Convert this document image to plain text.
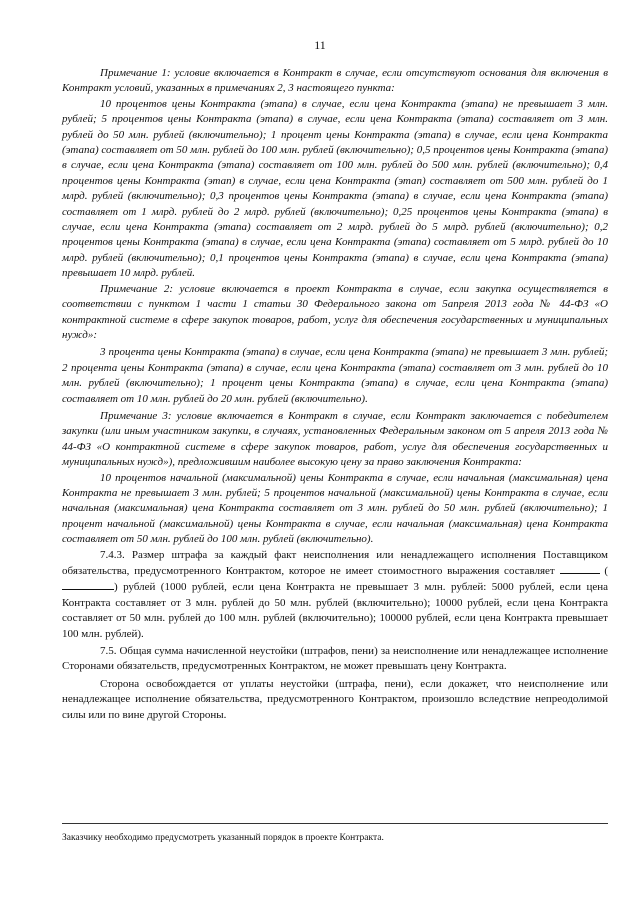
11

Примечание 1: условие включается в Контракт в случае, если отсутствуют основания для включения в Контракт условий, указанных в примечаниях 2, 3 настоящего пункта:

10 процентов цены Контракта (этапа) в случае, если цена Контракта (этапа) не превышает 3 млн. рублей; 5 процентов цены Контракта (этапа) в случае, если цена Контракта (этапа) составляет от 3 млн. рублей до 50 млн. рублей (включительно); 1 процент цены Контракта (этапа) в случае, если цена Контракта (этапа) составляет от 50 млн. рублей до 100 млн. рублей (включительно); 0,5 процентов цены Контракта (этапа) в случае, если цена Контракта (этапа) составляет от 100 млн. рублей до 500 млн. рублей (включительно); 0,4 процентов цены Контракта (этап) в случае, если цена Контракта (этап) составляет от 500 млн. рублей до 1 млрд. рублей (включительно); 0,3 процентов цены Контракта (этапа) в случае, если цена Контракта (этапа) составляет от 1 млрд. рублей до 2 млрд. рублей (включительно); 0,25 процентов цены Контракта (этапа) в случае, если цена Контракта (этапа) составляет от 2 млрд. рублей до 5 млрд. рублей (включительно); 0,2 процентов цены Контракта (этапа) в случае, если цена Контракта (этапа) составляет от 5 млрд. рублей до 10 млрд. рублей (включительно); 0,1 процентов цены Контракта (этапа) в случае, если цена Контракта (этапа) превышает 10 млрд. рублей.

Примечание 2: условие включается в проект Контракта в случае, если закупка осуществляется в соответствии с пунктом 1 части 1 статьи 30 Федерального закона от 5апреля 2013 года № 44-ФЗ «О контрактной системе в сфере закупок товаров, работ, услуг для обеспечения государственных и муниципальных нужд»:

3 процента цены Контракта (этапа) в случае, если цена Контракта (этапа) не превышает 3 млн. рублей; 2 процента цены Контракта (этапа) в случае, если цена Контракта (этапа) составляет от 3 млн. рублей до 10 млн. рублей (включительно); 1 процент цены Контракта (этапа) в случае, если цена Контракта (этапа) составляет от 10 млн. рублей до 20 млн. рублей (включительно).

Примечание 3: условие включается в Контракт в случае, если Контракт заключается с победителем закупки (или иным участником закупки, в случаях, установленных Федеральным законом от 5 апреля 2013 года № 44-ФЗ «О контрактной системе в сфере закупок товаров, работ, услуг для обеспечения государственных и муниципальных нужд»), предложившим наиболее высокую цену за право заключения Контракта:

10 процентов начальной (максимальной) цены Контракта в случае, если начальная (максимальная) цена Контракта не превышает 3 млн. рублей; 5 процентов начальной (максимальной) цены Контракта в случае, если начальная (максимальная) цена Контракта составляет от 3 млн. рублей до 50 млн. рублей (включительно); 1 процент начальной (максимальной) цены Контракта в случае, если начальная (максимальная) цена Контракта составляет от 50 млн. рублей до 100 млн. рублей (включительно).

7.4.3. Размер штрафа за каждый факт неисполнения или ненадлежащего исполнения Поставщиком обязательства, предусмотренного Контрактом, которое не имеет стоимостного выражения составляет	() рублей (1000 рублей, если цена Контракта не превышает 3 млн. рублей: 5000 рублей, если цена Контракта составляет от 3 млн. рублей до 50 млн. рублей (включительно); 10000 рублей, если цена Контракта составляет от 50 млн. рублей до 100 млн. рублей (включительно); 100000 рублей, если цена Контракта превышает 100 млн. рублей).

7.5. Общая сумма начисленной неустойки (штрафов, пени) за неисполнение или ненадлежащее исполнение Сторонами обязательств, предусмотренных Контрактом, не может превышать цену Контракта.

Сторона освобождается от уплаты неустойки (штрафа, пени), если докажет, что неисполнение или ненадлежащее исполнение обязательства, предусмотренного Контрактом, произошло вследствие непреодолимой силы или по вине другой Стороны.

Заказчику необходимо предусмотреть указанный порядок в проекте Контракта.
